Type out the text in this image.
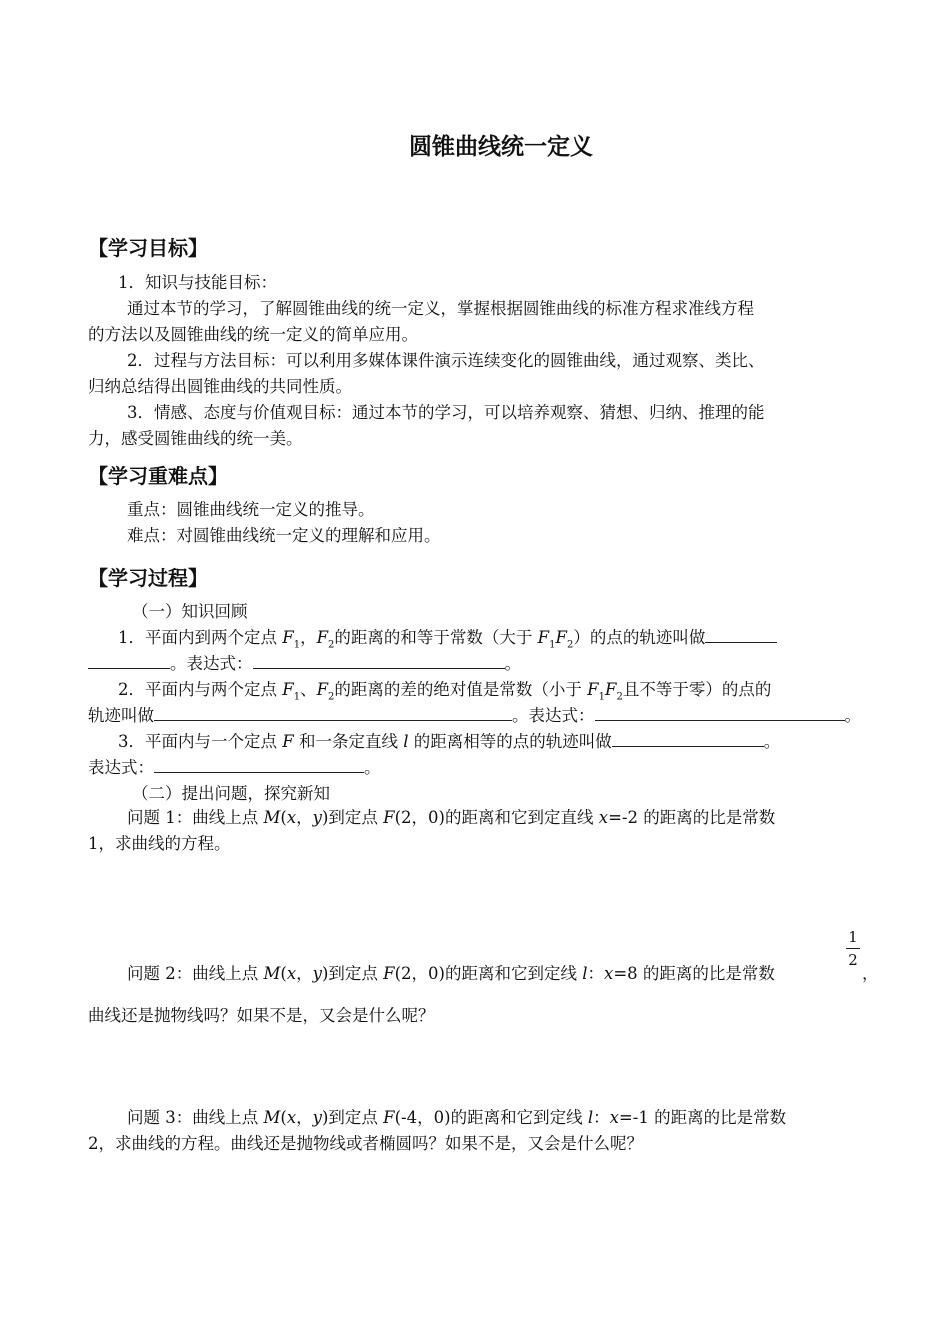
圆锥曲线统一定义
【学习目标】
1．知识与技能目标：
通过本节的学习，了解圆锥曲线的统一定义，掌握根据圆锥曲线的标准方程求准线方程
的方法以及圆锥曲线的统一定义的简单应用。
2．过程与方法目标：可以利用多媒体课件演示连续变化的圆锥曲线，通过观察、类比、
归纳总结得出圆锥曲线的共同性质。
3．情感、态度与价值观目标：通过本节的学习，可以培养观察、猜想、归纳、推理的能
力，感受圆锥曲线的统一美。
【学习重难点】
重点：圆锥曲线统一定义的推导。
难点：对圆锥曲线统一定义的理解和应用。
【学习过程】
（一）知识回顾
1．平面内到两个定点 $F_1$，$F_2$的距离的和等于常数（大于 $F_1F_2$）的点的轨迹叫做
。表达式：	。
2．平面内与两个定点 $F_1$、$F_2$的距离的差的绝对值是常数（小于 $F_1F_2$且不等于零）的点的
轨迹叫做	。表达式：	。
3．平面内与一个定点 F 和一条定直线 l 的距离相等的点的轨迹叫做	。
表达式：	。
（二）提出问题，探究新知
问题 1：曲线上点 M(x，y)到定点 F(2，0)的距离和它到定直线 x=-2 的距离的比是常数
1，求曲线的方程。
问题 2：曲线上点 M(x，y)到定点 F(2，0)的距离和它到定线 l：x=8 的距离的比是常数
1
2
，
曲线还是抛物线吗？如果不是，又会是什么呢？
问题 3：曲线上点 M(x，y)到定点 F(-4，0)的距离和它到定线 l：x=-1 的距离的比是常数
2，求曲线的方程。曲线还是抛物线或者椭圆吗？如果不是，又会是什么呢？
